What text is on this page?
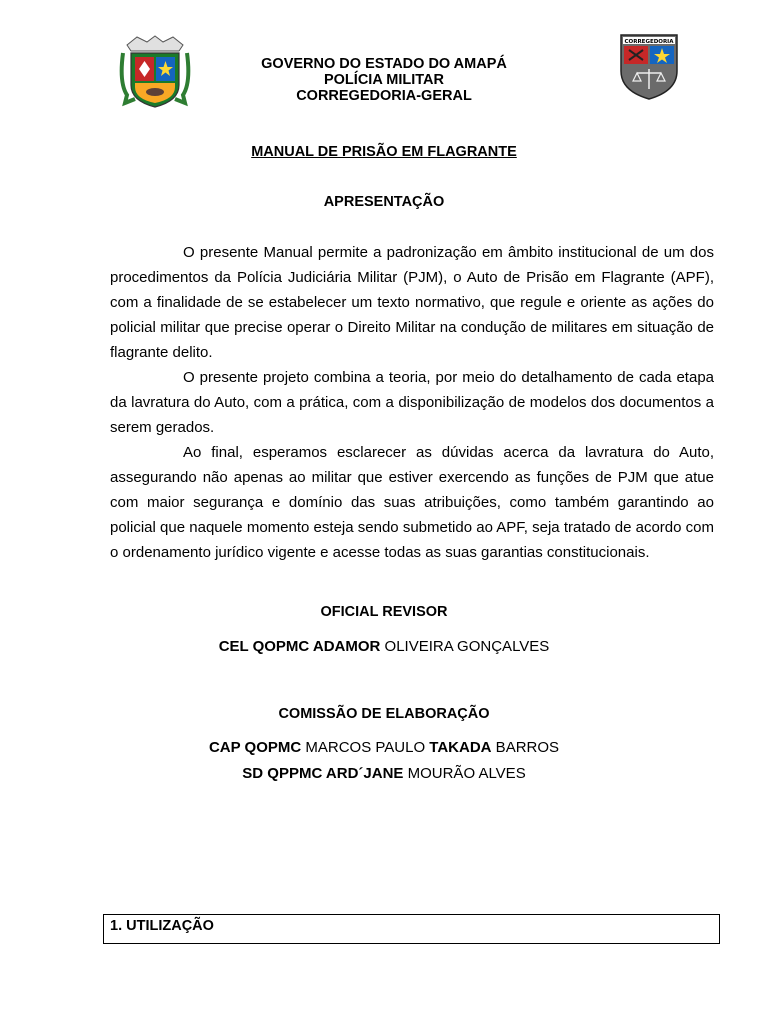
CORREGEDORIA
GOVERNO DO ESTADO DO AMAPÁ
POLÍCIA MILITAR
CORREGEDORIA-GERAL
MANUAL DE PRISÃO EM FLAGRANTE
APRESENTAÇÃO

O presente Manual permite a padronização em âmbito institucional de um dos procedimentos da Polícia Judiciária Militar (PJM), o Auto de Prisão em Flagrante (APF), com a finalidade de se estabelecer um texto normativo, que regule e oriente as ações do policial militar que precise operar o Direito Militar na condução de militares em situação de flagrante delito.

O presente projeto combina a teoria, por meio do detalhamento de cada etapa da lavratura do Auto, com a prática, com a disponibilização de modelos dos documentos a serem gerados.

Ao final, esperamos esclarecer as dúvidas acerca da lavratura do Auto, assegurando não apenas ao militar que estiver exercendo as funções de PJM que atue com maior segurança e domínio das suas atribuições, como também garantindo ao policial que naquele momento esteja sendo submetido ao APF, seja tratado de acordo com o ordenamento jurídico vigente e acesse todas as suas garantias constitucionais.

OFICIAL REVISOR
CEL QOPMC ADAMOR OLIVEIRA GONÇALVES
COMISSÃO DE ELABORAÇÃO
CAP QOPMC MARCOS PAULO TAKADA BARROS
SD QPPMC ARD´JANE MOURÃO ALVES
1. UTILIZAÇÃO
